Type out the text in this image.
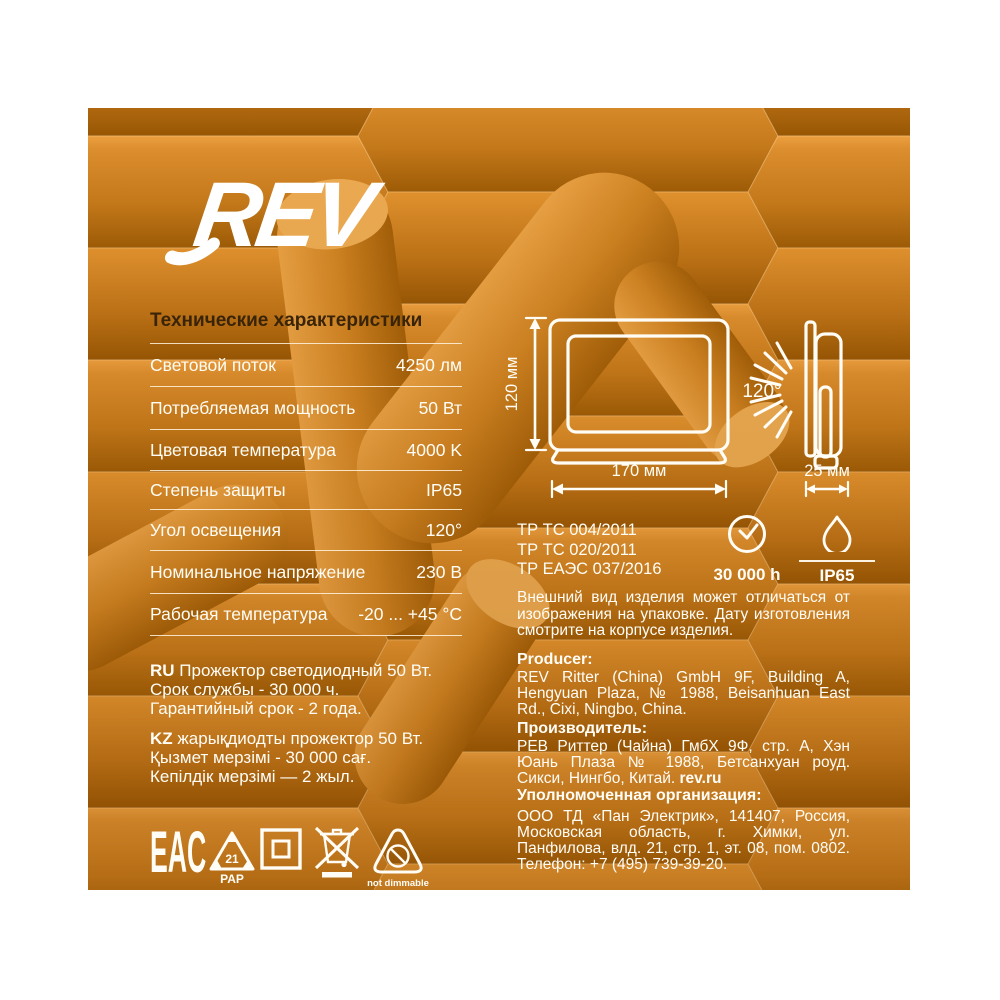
REV
Технические характеристики
Световой поток	4250 лм
Потребляемая мощность	50 Вт
Цветовая температура	4000 K
Степень защиты	IP65
Угол освещения	120°
Номинальное напряжение	230 В
Рабочая температура -20 ... +45 °C
RU Прожектор светодиодный 50 Вт.
Срок службы - 30 000 ч.
Гарантийный срок - 2 года.
KZ жарықдиодты прожектор 50 Вт.
Қызмет мерзімі - 30 000 сағ.
Кепілдік мерзімі — 2 жыл.
120 мм
170 мм
120°
25 мм
ТР ТС 004/2011
ТР ТС 020/2011
ТР ЕАЭС 037/2016	30 000 h	IP65
Внешний вид изделия может отличаться от изображения на упаковке. Дату изготовления смотрите на корпусе изделия.
Producer:

REV Ritter (China) GmbH 9F, Building A, Hengyuan Plaza, № 1988, Beisanhuan East Rd., Cixi, Ningbo, China.

Производитель:

РЕВ Риттер (Чайна) ГмбХ 9Ф, стр. А, Хэн Юань Плаза № 1988, Бетсанхуан роуд. Сикси, Нингбо, Китай. rev.ru

Уполномоченная организация:

ООО ТД «Пан Электрик», 141407, Россия, Московская область, г. Химки, ул. Панфилова, влд. 21, стр. 1, эт. 08, пом. 0802. Телефон: +7 (495) 739-39-20.

EAC 21
PAP	not dimmable
